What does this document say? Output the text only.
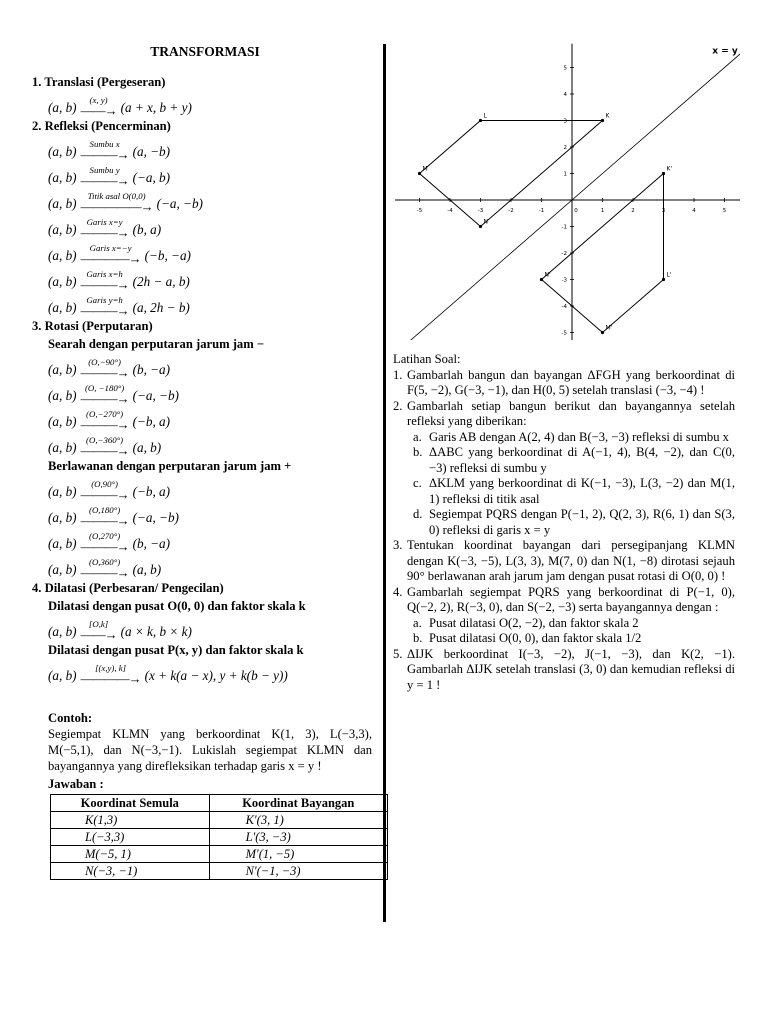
TRANSFORMASI
1. Translasi (Pergeseran)
(a, b) (x, y)
——→ (a + x, b + y)
2. Refleksi (Pencerminan)
(a, b) Sumbu x
———→ (a, −b)
(a, b) Sumbu y
———→ (−a, b)
(a, b) Titik asal O(0,0)
—————→ (−a, −b)
(a, b) Garis x=y
———→ (b, a)
(a, b) Garis x=−y
————→ (−b, −a)
(a, b) Garis x=h
———→ (2h − a, b)
(a, b) Garis y=h
———→ (a, 2h − b)
3. Rotasi (Perputaran)
Searah dengan perputaran jarum jam −
(a, b) (O,−90°)
———→ (b, −a)
(a, b) (O, −180°)
———→ (−a, −b)
(a, b) (O,−270°)
———→ (−b, a)
(a, b) (O,−360°)
———→ (a, b)
Berlawanan dengan perputaran jarum jam +
(a, b) (O,90°)
———→ (−b, a)
(a, b) (O,180°)
———→ (−a, −b)
(a, b) (O,270°)
———→ (b, −a)
(a, b) (O,360°)
———→ (a, b)
4. Dilatasi (Perbesaran/ Pengecilan)
Dilatasi dengan pusat O(0, 0) dan faktor skala k
(a, b) [O,k]
——→ (a × k, b × k)
Dilatasi dengan pusat P(x, y) dan faktor skala k
(a, b) [(x,y), k]
————→ (x + k(a − x), y + k(b − y))
Contoh:

Segiempat KLMN yang berkoordinat K(1, 3), L(−3,3), M(−5,1), dan N(−3,−1). Lukislah segiempat KLMN dan bayangannya yang direfleksikan terhadap garis x = y !

Jawaban :
Koordinat Semula	Koordinat Bayangan
K(1,3)	K′(3, 1)
L(−3,3)	L′(3, −3)
M(−5, 1)	M′(1, −5)
N(−3, −1)	N′(−1, −3)
-5	-4	-3	-2	-1	0	1	2	3	4	5
5
4
3
2
1
-1
-2
-3
-4
-5
x = y
K
L
M
N
K'
L'
M'
N'
Latihan Soal:
1. Gambarlah bangun dan bayangan ΔFGH yang berkoordinat di F(5, −2), G(−3, −1), dan H(0, 5) setelah translasi (−3, −4) !
2. Gambarlah setiap bangun berikut dan bayangannya setelah refleksi yang diberikan:
a. Garis AB dengan A(2, 4) dan B(−3, −3) refleksi di sumbu x
b. ΔABC yang berkoordinat di A(−1, 4), B(4, −2), dan C(0, −3) refleksi di sumbu y
c. ΔKLM yang berkoordinat di K(−1, −3), L(3, −2) dan M(1, 1) refleksi di titik asal
d. Segiempat PQRS dengan P(−1, 2), Q(2, 3), R(6, 1) dan S(3, 0) refleksi di garis x = y
3. Tentukan koordinat bayangan dari persegipanjang KLMN dengan K(−3, −5), L(3, 3), M(7, 0) dan N(1, −8) dirotasi sejauh 90° berlawanan arah jarum jam dengan pusat rotasi di O(0, 0) !
4. Gambarlah segiempat PQRS yang berkoordinat di P(−1, 0), Q(−2, 2), R(−3, 0), dan S(−2, −3) serta bayangannya dengan :
a. Pusat dilatasi O(2, −2), dan faktor skala 2
b. Pusat dilatasi O(0, 0), dan faktor skala 1/2
5. ΔIJK berkoordinat I(−3, −2), J(−1, −3), dan K(2, −1). Gambarlah ΔIJK setelah translasi (3, 0) dan kemudian refleksi di y = 1 !
